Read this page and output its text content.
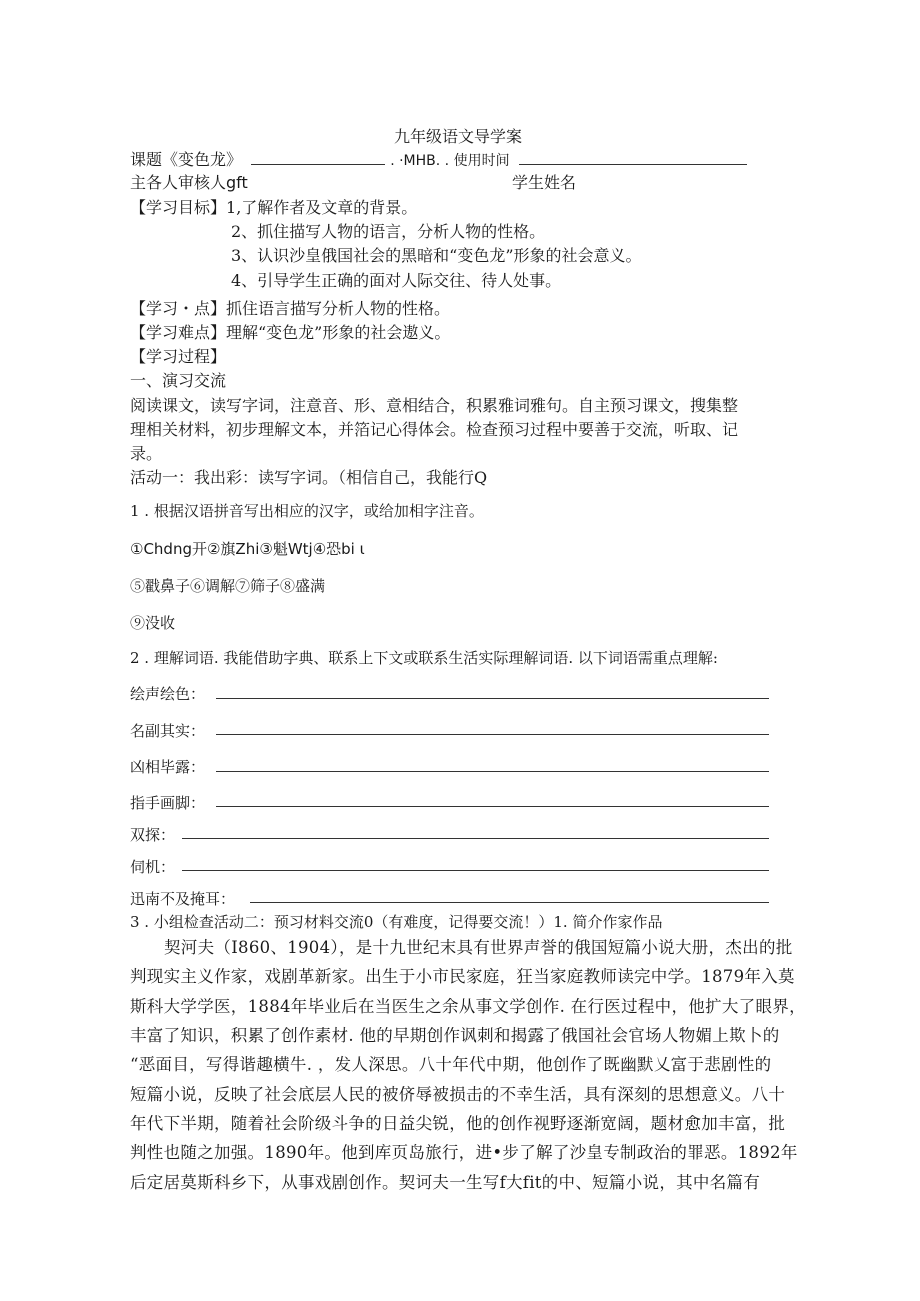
九年级语文导学案
课题《变色龙》	. ·MHB. . 使用时间
主各人审核人gft	学生姓名
【学习目标】1,了解作者及文章的背景。
2、抓住描写人物的语言，分析人物的性格。
3、认识沙皇俄国社会的黑暗和“变色龙”形象的社会意义。
4、引导学生正确的面对人际交往、待人处事。
【学习・点】抓住语言描写分析人物的性格。
【学习难点】理解“变色龙”形象的社会遨义。
【学习过程】
一、演习交流
阅读课文，读写字词，注意音、形、意相结合，积累雅词雅句。自主预习课文，搜集整
理相关材料，初步理解文本，并箔记心得体会。检查预习过程中要善于交流，听取、记
录。
活动一：我出彩：读写字词。（相信自己，我能行Q
1 . 根据汉语拼音写出相应的汉字，或给加相字注音。
①Chdng开②旗Zhi③魁Wtj④恐bi ι
⑤戳鼻子⑥调解⑦筛子⑧盛满
⑨没收
2 . 理解词语. 我能借助字典、联系上下文或联系生活实际理解词语. 以下词语需重点理解:
绘声绘色：
名副其实：
凶相毕露：
指手画脚：
双探：
伺机：
迅南不及掩耳：
3 . 小组检查活动二：预习材料交流0（有难度，记得要交流！）1. 简介作家作品
契河夫（I860、1904），是十九世纪末具有世界声誉的俄国短篇小说大册，杰出的批
判现实主义作家，戏剧革新家。出生于小市民家庭，狂当家庭教师读完中学。1879年入莫
斯科大学学医，1884年毕业后在当医生之余从事文学创作. 在行医过程中，他扩大了眼界，
丰富了知识，积累了创作素材. 他的早期创作讽刺和揭露了俄国社会官场人物媚上欺卜的
“恶面目，写得谐趣横牛. ，发人深思。八十年代中期，他创作了既幽默乂富于悲剧性的
短篇小说，反映了社会底层人民的被侪辱被损击的不幸生活，具有深刻的思想意义。八十
年代下半期，随着社会阶级斗争的日益尖锐，他的创作视野逐渐宽阔，题材愈加丰富，批
判性也随之加强。1890年。他到库页岛旅行，进•步了解了沙皇专制政治的罪恶。1892年
后定居莫斯科乡下，从事戏剧创作。契诃夫一生写f大fit的中、短篇小说，其中名篇有
